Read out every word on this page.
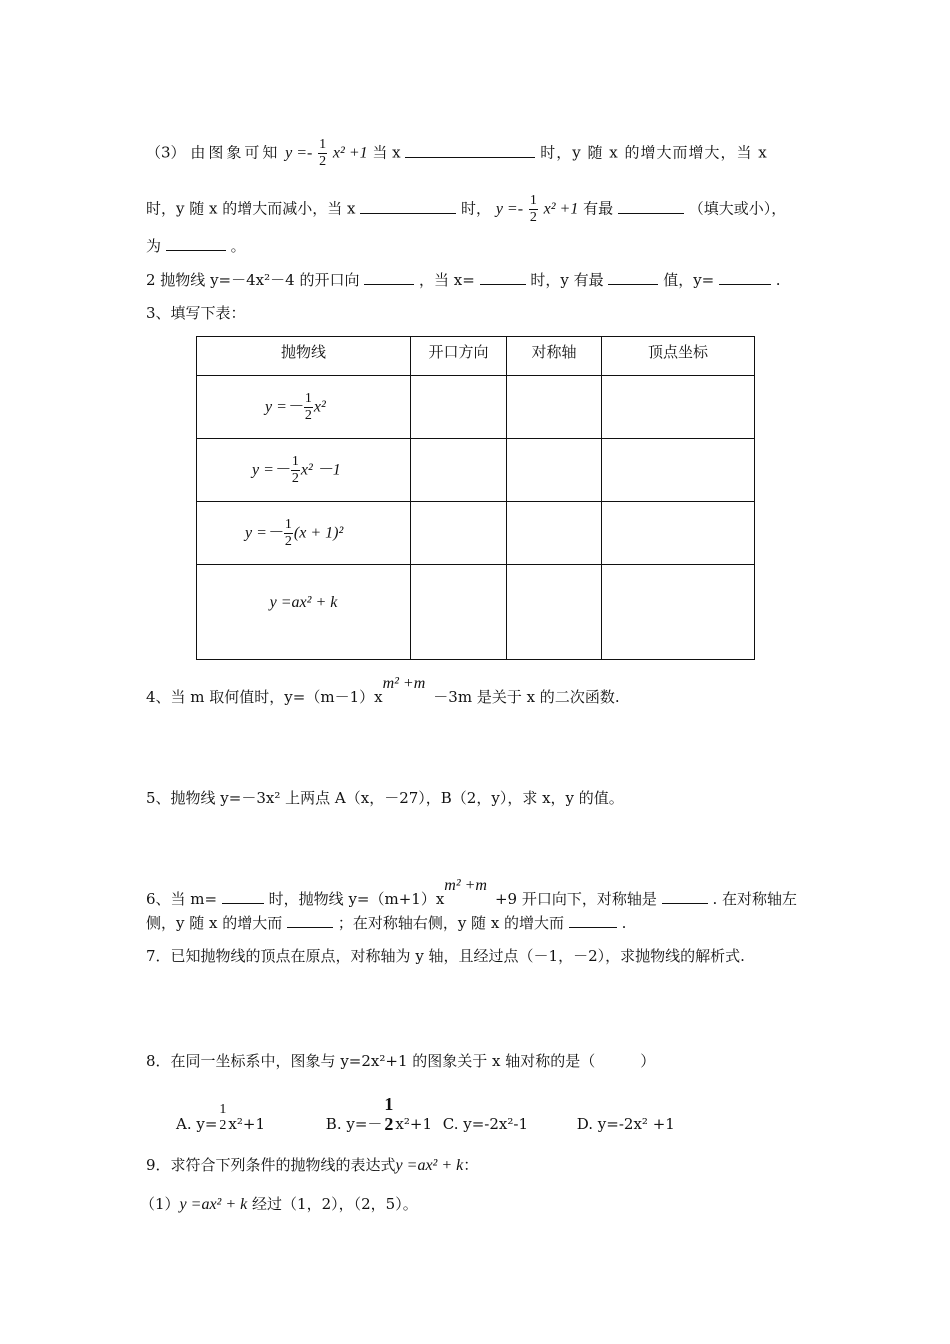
（3） 由图象可知 $y =- \frac{1}{2} x^2 +1$ 当 x	时，y 随 x 的增大而增大，当 x
时，y 随 x 的增大而减小，当 x	时， $y =- \frac{1}{2} x^2 +1$ 有最	（填大或小），
为	。
2 抛物线 y=－4x²－4 的开口向	，当 x=	时，y 有最	值，y=	.
3、填写下表：
抛物线	开口方向	对称轴	顶点坐标
$y =- \frac{1}{2} x^2$			
$y =- \frac{1}{2} x^2 -1$			
$y =- \frac{1}{2} (x + 1)^2$			
y =ax² + k			
4、当 m 取何值时，$y=(m-1)x^{m^2 +m}-3m$ 是关于 x 的二次函数.
5、抛物线 y=－3x² 上两点 A（x，－27），B（2，y），求 x，y 的值。
6、当 m=	时，抛物线 $y=(m+1)x^{m^2 +m}+9$ 开口向下，对称轴是	. 在对称轴左
侧，y 随 x 的增大而	；在对称轴右侧，y 随 x 的增大而	.
7．已知抛物线的顶点在原点，对称轴为 y 轴，且经过点（－1，－2），求抛物线的解析式.
8．在同一坐标系中，图象与 y=2x²+1 的图象关于 x 轴对称的是（　　　）
A. y=
1
2 x²+1	B. y=－
1
2 x²+1 C. y=-2x²-1	D. y=-2x² +1
9．求符合下列条件的抛物线的表达式y =ax² + k：
（1）y =ax² + k 经过（1，2），（2，5）。
